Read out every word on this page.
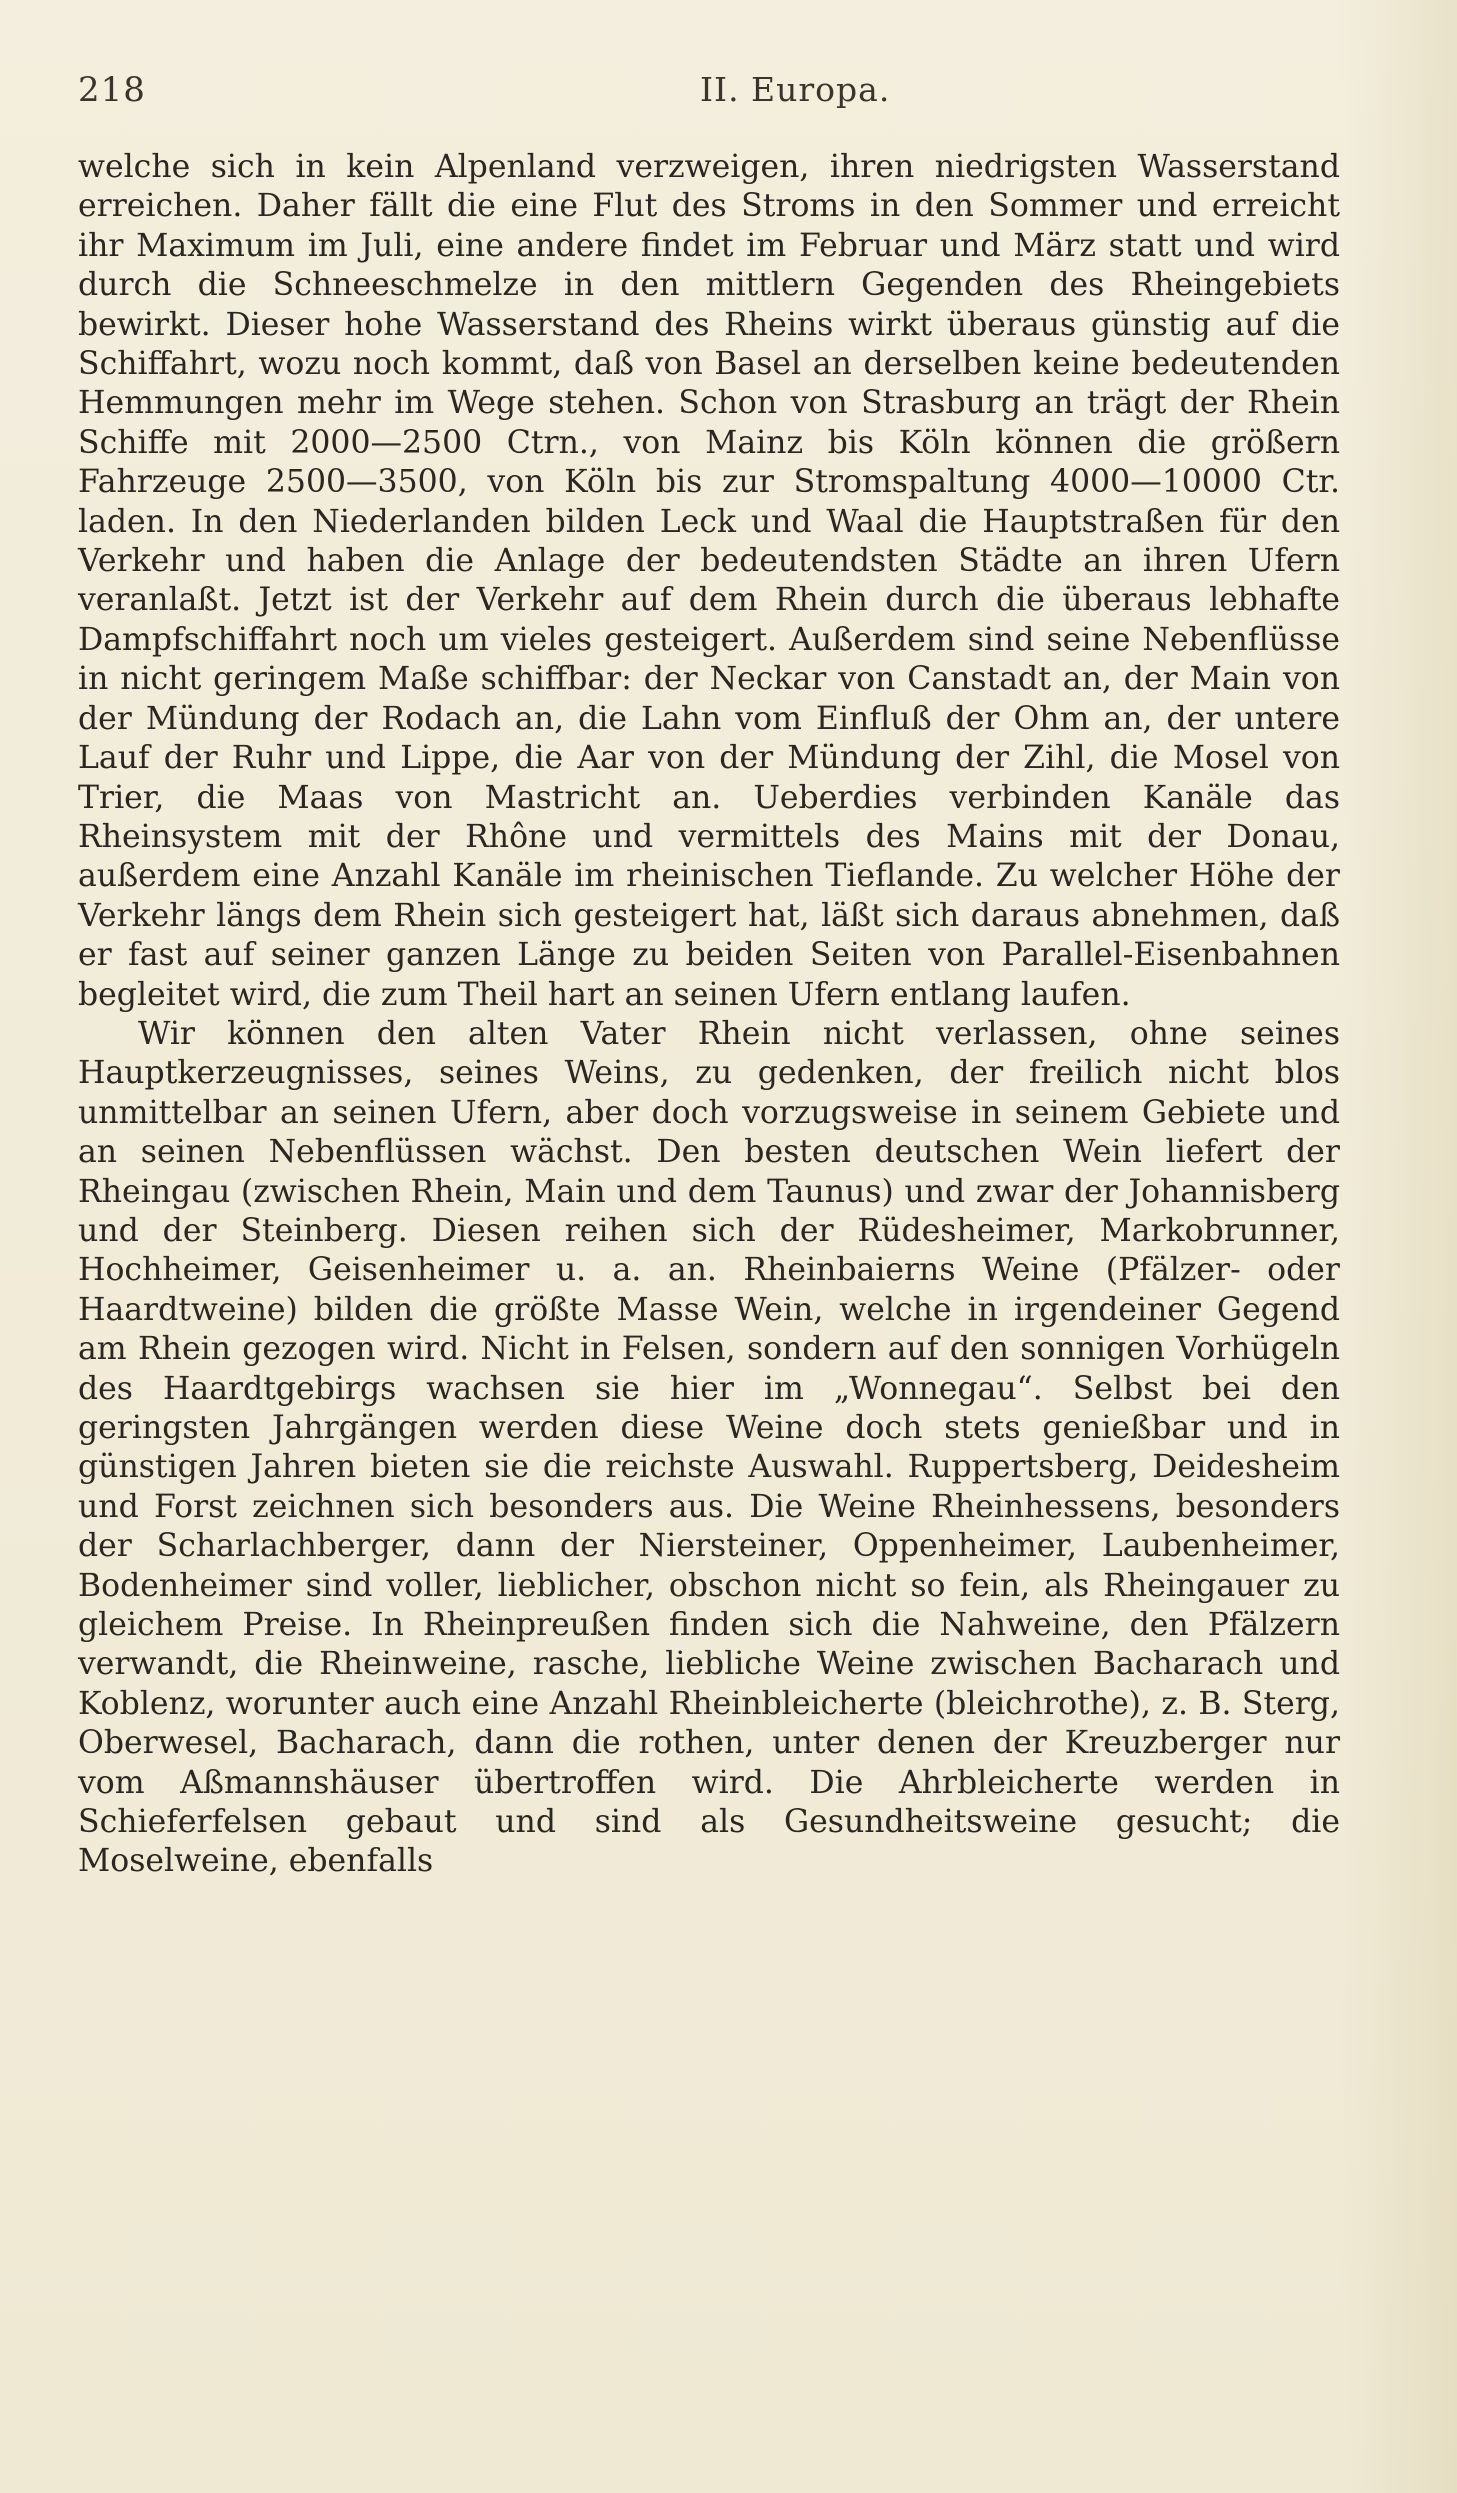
218	II. Europa.

welche sich in kein Alpenland verzweigen, ihren niedrigsten Wasserstand erreichen. Daher fällt die eine Flut des Stroms in den Sommer und erreicht ihr Maximum im Juli, eine andere findet im Februar und März statt und wird durch die Schneeschmelze in den mittlern Gegenden des Rheingebiets bewirkt. Dieser hohe Wasserstand des Rheins wirkt überaus günstig auf die Schiffahrt, wozu noch kommt, daß von Basel an derselben keine bedeutenden Hemmungen mehr im Wege stehen. Schon von Strasburg an trägt der Rhein Schiffe mit 2000—2500 Ctrn., von Mainz bis Köln können die größern Fahrzeuge 2500—3500, von Köln bis zur Stromspaltung 4000—10000 Ctr. laden. In den Niederlanden bilden Leck und Waal die Hauptstraßen für den Verkehr und haben die Anlage der bedeutendsten Städte an ihren Ufern veranlaßt. Jetzt ist der Verkehr auf dem Rhein durch die überaus lebhafte Dampfschiffahrt noch um vieles gesteigert. Außerdem sind seine Nebenflüsse in nicht geringem Maße schiffbar: der Neckar von Canstadt an, der Main von der Mündung der Rodach an, die Lahn vom Einfluß der Ohm an, der untere Lauf der Ruhr und Lippe, die Aar von der Mündung der Zihl, die Mosel von Trier, die Maas von Mastricht an. Ueberdies verbinden Kanäle das Rheinsystem mit der Rhône und vermittels des Mains mit der Donau, außerdem eine Anzahl Kanäle im rheinischen Tieflande. Zu welcher Höhe der Verkehr längs dem Rhein sich gesteigert hat, läßt sich daraus abnehmen, daß er fast auf seiner ganzen Länge zu beiden Seiten von Parallel-Eisenbahnen begleitet wird, die zum Theil hart an seinen Ufern entlang laufen.

Wir können den alten Vater Rhein nicht verlassen, ohne seines Hauptkerzeugnisses, seines Weins, zu gedenken, der freilich nicht blos unmittelbar an seinen Ufern, aber doch vorzugsweise in seinem Gebiete und an seinen Nebenflüssen wächst. Den besten deutschen Wein liefert der Rheingau (zwischen Rhein, Main und dem Taunus) und zwar der Johannisberg und der Steinberg. Diesen reihen sich der Rüdesheimer, Markobrunner, Hochheimer, Geisenheimer u. a. an. Rheinbaierns Weine (Pfälzer- oder Haardtweine) bilden die größte Masse Wein, welche in irgendeiner Gegend am Rhein gezogen wird. Nicht in Felsen, sondern auf den sonnigen Vorhügeln des Haardtgebirgs wachsen sie hier im „Wonnegau“. Selbst bei den geringsten Jahrgängen werden diese Weine doch stets genießbar und in günstigen Jahren bieten sie die reichste Auswahl. Ruppertsberg, Deidesheim und Forst zeichnen sich besonders aus. Die Weine Rheinhessens, besonders der Scharlachberger, dann der Niersteiner, Oppenheimer, Laubenheimer, Bodenheimer sind voller, lieblicher, obschon nicht so fein, als Rheingauer zu gleichem Preise. In Rheinpreußen finden sich die Nahweine, den Pfälzern verwandt, die Rheinweine, rasche, liebliche Weine zwischen Bacharach und Koblenz, worunter auch eine Anzahl Rheinbleicherte (bleichrothe), z. B. Sterg, Oberwesel, Bacharach, dann die rothen, unter denen der Kreuzberger nur vom Aßmannshäuser übertroffen wird. Die Ahrbleicherte werden in Schieferfelsen gebaut und sind als Gesundheitsweine gesucht; die Moselweine, ebenfalls
